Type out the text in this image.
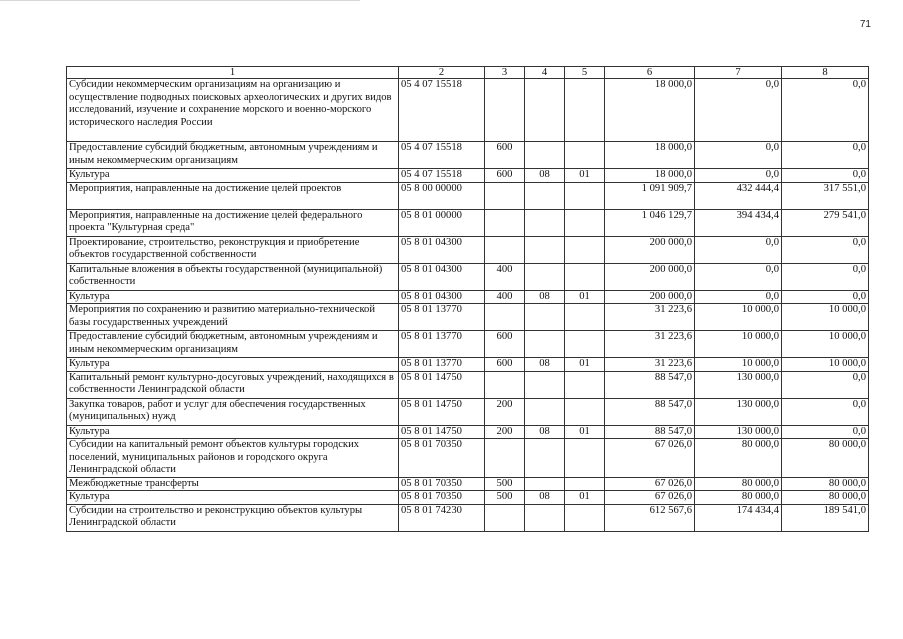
71
1	2	3	4	5	6	7	8
Субсидии некоммерческим организациям на организацию и осуществление подводных поисковых археологических и других видов исследований, изучение и сохранение морского и военно-морского исторического наследия России	05 4 07 15518				18 000,0	0,0	0,0
Предоставление субсидий бюджетным, автономным учреждениям и иным некоммерческим организациям	05 4 07 15518	600			18 000,0	0,0	0,0
Культура	05 4 07 15518	600	08	01	18 000,0	0,0	0,0
Мероприятия, направленные на достижение целей проектов	05 8 00 00000				1 091 909,7	432 444,4	317 551,0
Мероприятия, направленные на достижение целей федерального проекта "Культурная среда"	05 8 01 00000				1 046 129,7	394 434,4	279 541,0
Проектирование, строительство, реконструкция и приобретение объектов государственной собственности	05 8 01 04300				200 000,0	0,0	0,0
Капитальные вложения в объекты государственной (муниципальной) собственности	05 8 01 04300	400			200 000,0	0,0	0,0
Культура	05 8 01 04300	400	08	01	200 000,0	0,0	0,0
Мероприятия по сохранению и развитию материально-технической базы государственных учреждений	05 8 01 13770				31 223,6	10 000,0	10 000,0
Предоставление субсидий бюджетным, автономным учреждениям и иным некоммерческим организациям	05 8 01 13770	600			31 223,6	10 000,0	10 000,0
Культура	05 8 01 13770	600	08	01	31 223,6	10 000,0	10 000,0
Капитальный ремонт культурно-досуговых учреждений, находящихся в собственности Ленинградской области	05 8 01 14750				88 547,0	130 000,0	0,0
Закупка товаров, работ и услуг для обеспечения государственных (муниципальных) нужд	05 8 01 14750	200			88 547,0	130 000,0	0,0
Культура	05 8 01 14750	200	08	01	88 547,0	130 000,0	0,0
Субсидии на капитальный ремонт объектов культуры городских поселений, муниципальных районов и городского округа Ленинградской области	05 8 01 70350				67 026,0	80 000,0	80 000,0
Межбюджетные трансферты	05 8 01 70350	500			67 026,0	80 000,0	80 000,0
Культура	05 8 01 70350	500	08	01	67 026,0	80 000,0	80 000,0
Субсидии на строительство и реконструкцию объектов культуры Ленинградской области	05 8 01 74230				612 567,6	174 434,4	189 541,0
